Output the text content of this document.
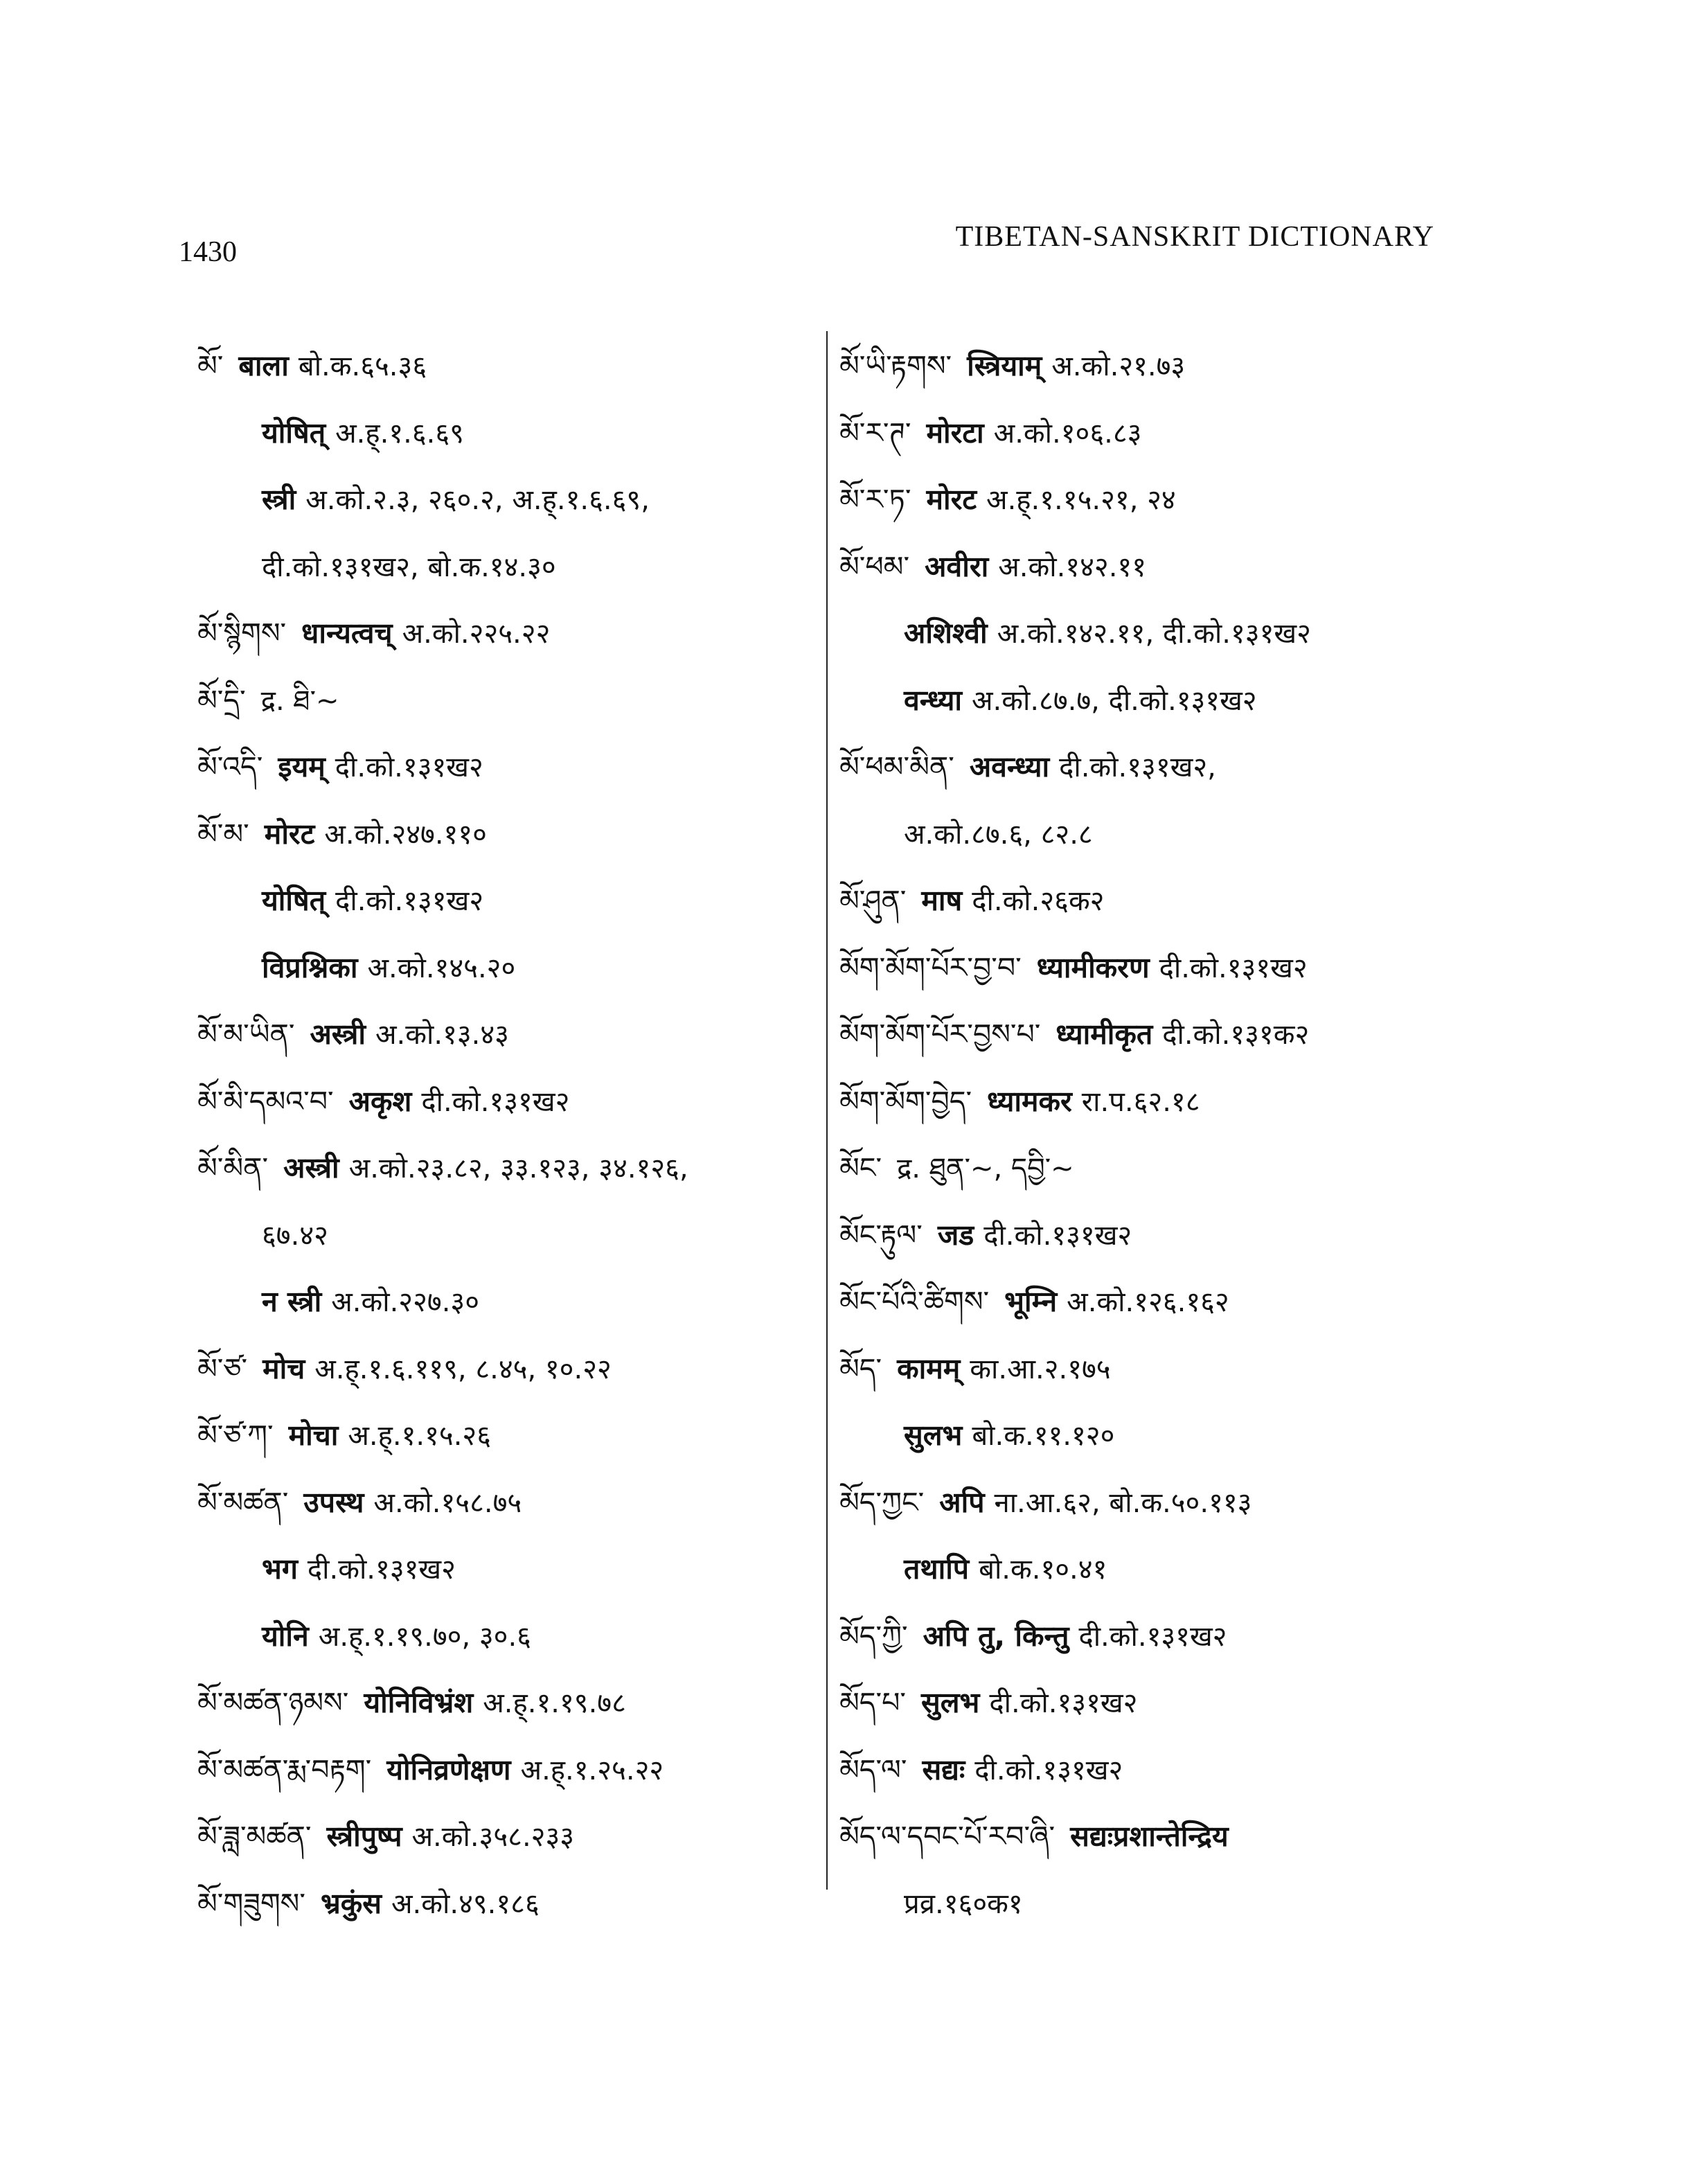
1430	TIBETAN-SANSKRIT DICTIONARY
མོ་ बाला बो.क.६५.३६
योषित् अ.ह्.१.६.६९
स्त्री अ.को.२.३, २६०.२, अ.ह्.१.६.६९,
दी.को.१३१ख२, बो.क.१४.३०
མོ་སྙིགས་ धान्यत्वच् अ.को.२२५.२२
མོ་དྲི་ द्र. ཐི་~
མོ་འདི་ इयम् दी.को.१३१ख२
མོ་མ་ मोरट अ.को.२४७.११०
योषित् दी.को.१३१ख२
विप्रश्निका अ.को.१४५.२०
མོ་མ་ཡིན་ अस्त्री अ.को.१३.४३
མོ་མི་དམའ་བ་ अकृश दी.को.१३१ख२
མོ་མིན་ अस्त्री अ.को.२३.८२, ३३.१२३, ३४.१२६,
६७.४२
न स्त्री अ.को.२२७.३०
མོ་ཙ་ मोच अ.ह्.१.६.११९, ८.४५, १०.२२
མོ་ཙ་ཀ་ मोचा अ.ह्.१.१५.२६
མོ་མཚན་ उपस्थ अ.को.१५८.७५
भग दी.को.१३१ख२
योनि अ.ह्.१.१९.७०, ३०.६
མོ་མཚན་ཉམས་ योनिविभ्रंश अ.ह्.१.१९.७८
མོ་མཚན་རྨ་བརྟག་ योनिव्रणेक्षण अ.ह्.१.२५.२२
མོ་ཟླ་མཚན་ स्त्रीपुष्प अ.को.३५८.२३३
མོ་གཟུགས་ भ्रकुंस अ.को.४९.१८६
མོ་ཡི་རྟགས་ स्त्रियाम् अ.को.२१.७३
མོ་ར་ཊ་ मोरटा अ.को.१०६.८३
མོ་ར་ཏ་ मोरट अ.ह्.१.१५.२१, २४
མོ་ཕམ་ अवीरा अ.को.१४२.११
अशिश्वी अ.को.१४२.११, दी.को.१३१ख२
वन्ध्या अ.को.८७.७, दी.को.१३१ख२
མོ་ཕམ་མིན་ अवन्ध्या दी.को.१३१ख२,
अ.को.८७.६, ८२.८
མོ་ཤུན་ माष दी.को.२६क२
མོག་མོག་པོར་བྱ་བ་ ध्यामीकरण दी.को.१३१ख२
མོག་མོག་པོར་བྱས་པ་ ध्यामीकृत दी.को.१३१क२
མོག་མོག་བྱེད་ ध्यामकर रा.प.६२.१८
མོང་ द्र. ཐུན་~, དབྱི་~
མོང་རྟུལ་ जड दी.को.१३१ख२
མོང་པོའི་ཚིགས་ भूम्नि अ.को.१२६.१६२
མོད་ कामम् का.आ.२.१७५
सुलभ बो.क.११.१२०
མོད་ཀྱང་ अपि ना.आ.६२, बो.क.५०.११३
तथापि बो.क.१०.४१
མོད་ཀྱི་ अपि तु, किन्तु दी.को.१३१ख२
མོད་པ་ सुलभ दी.को.१३१ख२
མོད་ལ་ सद्यः दी.को.१३१ख२
མོད་ལ་དབང་པོ་རབ་ཞི་ सद्यःप्रशान्तेन्द्रिय
प्रव्र.१६०क१
